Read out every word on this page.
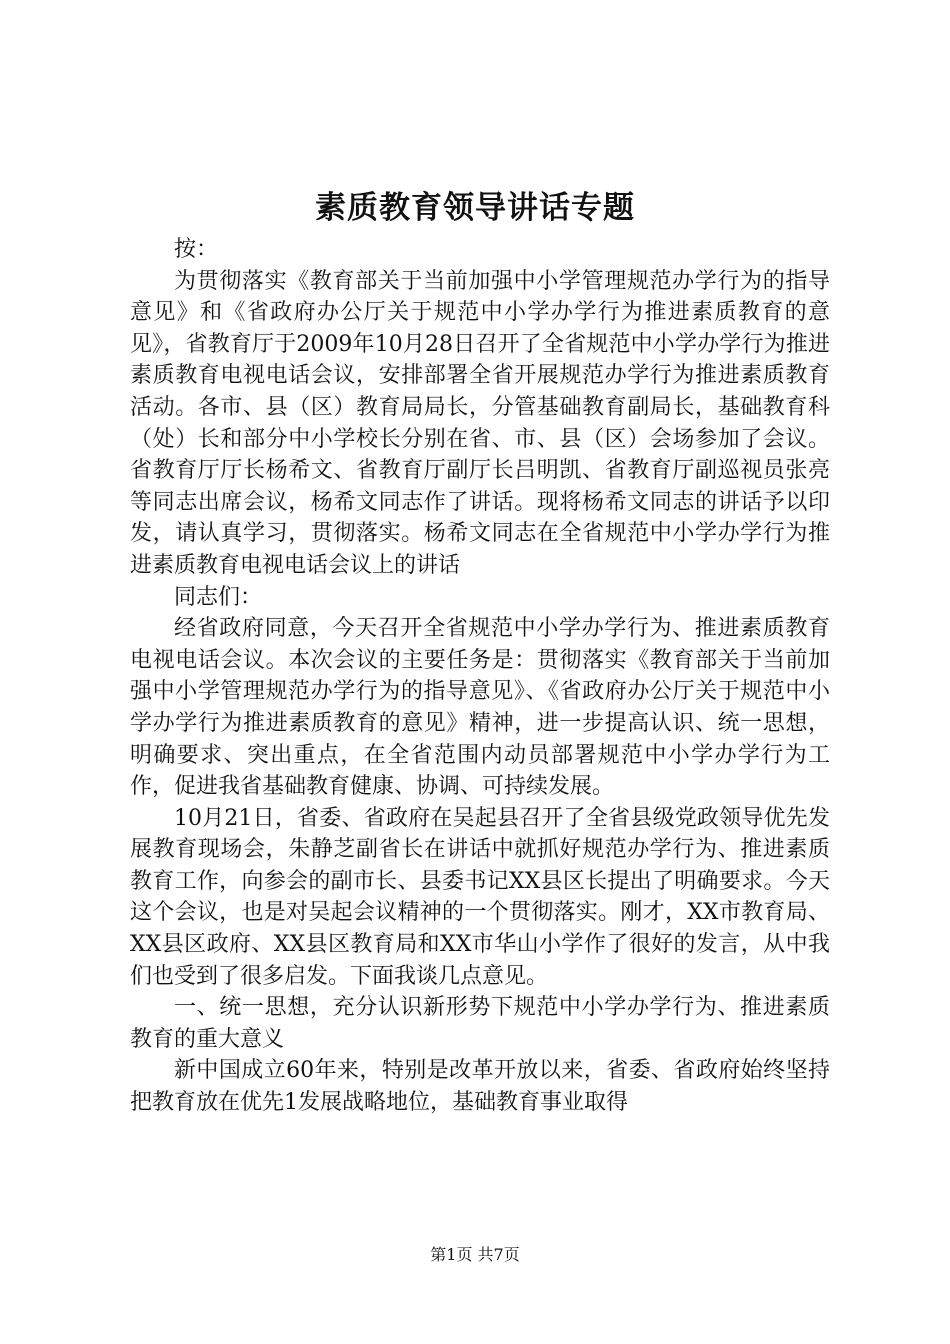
素质教育领导讲话专题

按：

为贯彻落实《教育部关于当前加强中小学管理规范办学行为的指导意见》和《省政府办公厅关于规范中小学办学行为推进素质教育的意见》，省教育厅于2009年10月28日召开了全省规范中小学办学行为推进素质教育电视电话会议，安排部署全省开展规范办学行为推进素质教育活动。各市、县（区）教育局局长，分管基础教育副局长，基础教育科（处）长和部分中小学校长分别在省、市、县（区）会场参加了会议。省教育厅厅长杨希文、省教育厅副厅长吕明凯、省教育厅副巡视员张亮等同志出席会议，杨希文同志作了讲话。现将杨希文同志的讲话予以印发，请认真学习，贯彻落实。杨希文同志在全省规范中小学办学行为推进素质教育电视电话会议上的讲话

同志们：

经省政府同意，今天召开全省规范中小学办学行为、推进素质教育电视电话会议。本次会议的主要任务是：贯彻落实《教育部关于当前加强中小学管理规范办学行为的指导意见》、《省政府办公厅关于规范中小学办学行为推进素质教育的意见》精神，进一步提高认识、统一思想，明确要求、突出重点，在全省范围内动员部署规范中小学办学行为工作，促进我省基础教育健康、协调、可持续发展。

10月21日，省委、省政府在吴起县召开了全省县级党政领导优先发展教育现场会，朱静芝副省长在讲话中就抓好规范办学行为、推进素质教育工作，向参会的副市长、县委书记XX县区长提出了明确要求。今天这个会议，也是对吴起会议精神的一个贯彻落实。刚才，XX市教育局、XX县区政府、XX县区教育局和XX市华山小学作了很好的发言，从中我们也受到了很多启发。下面我谈几点意见。

一、统一思想，充分认识新形势下规范中小学办学行为、推进素质教育的重大意义

新中国成立60年来，特别是改革开放以来，省委、省政府始终坚持把教育放在优先1发展战略地位，基础教育事业取得

第1页 共7页
